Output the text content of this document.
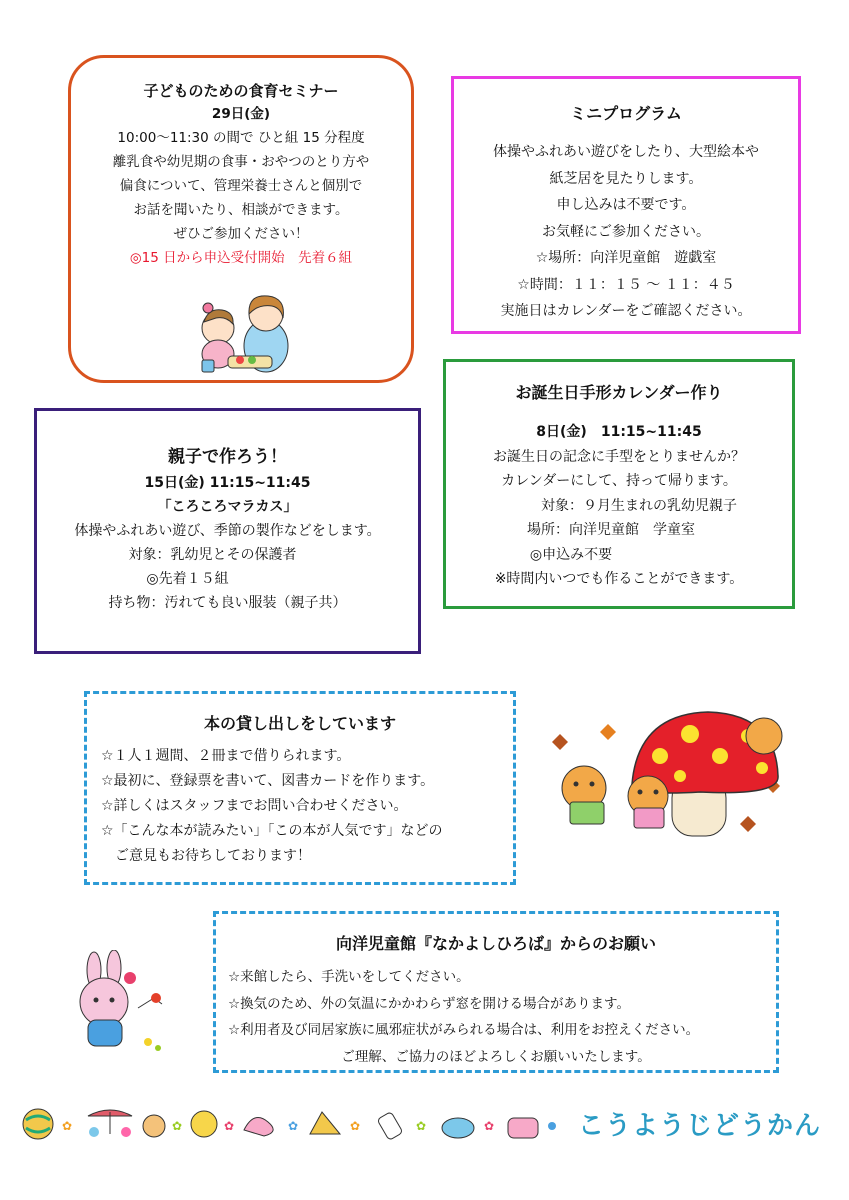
子どものための食育セミナー
29日(金)
10:00～11:30 の間で ひと組 15 分程度
離乳食や幼児期の食事・おやつのとり方や
偏食について、管理栄養士さんと個別で
お話を聞いたり、相談ができます。
ぜひご参加ください！
◎15 日から申込受付開始　先着６組
ミニプログラム
体操やふれあい遊びをしたり、大型絵本や
紙芝居を見たりします。
申し込みは不要です。
お気軽にご参加ください。
☆場所：向洋児童館　遊戯室
☆時間：１１：１５ ～ １１：４５
実施日はカレンダーをご確認ください。
お誕生日手形カレンダー作り
8日(金)　11:15~11:45
お誕生日の記念に手型をとりませんか？
カレンダーにして、持って帰ります。
対象：９月生まれの乳幼児親子
場所：向洋児童館　学童室
◎申込み不要
※時間内いつでも作ることができます。
親子で作ろう！
15日(金) 11:15~11:45
「ころころマラカス」
体操やふれあい遊び、季節の製作などをします。
対象：乳幼児とその保護者
◎先着１５組
持ち物：汚れても良い服装（親子共）
本の貸し出しをしています
☆１人１週間、２冊まで借りられます。
☆最初に、登録票を書いて、図書カードを作ります。
☆詳しくはスタッフまでお問い合わせください。
☆「こんな本が読みたい」「この本が人気です」などの
　ご意見もお待ちしております！
向洋児童館『なかよしひろば』からのお願い
☆来館したら、手洗いをしてください。
☆換気のため、外の気温にかかわらず窓を開ける場合があります。
☆利用者及び同居家族に風邪症状がみられる場合は、利用をお控えください。
ご理解、ご協力のほどよろしくお願いいたします。
✿	✿	✿	✿	✿	✿	✿	こうようじどうかん
